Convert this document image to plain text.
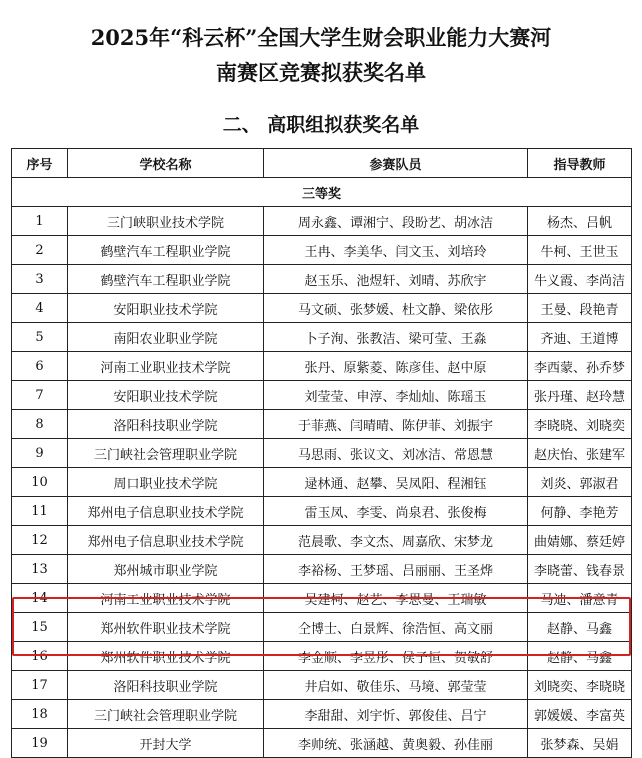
2025年“科云杯”全国大学生财会职业能力大赛河
南赛区竞赛拟获奖名单
二、 高职组拟获奖名单
序号	学校名称	参赛队员	指导教师
三等奖			
1	三门峡职业技术学院	周永鑫、谭湘宁、段盼艺、胡冰洁	杨杰、吕帆
2	鹤壁汽车工程职业学院	王冉、李美华、闫文玉、刘培玲	牛柯、王世玉
3	鹤壁汽车工程职业学院	赵玉乐、池煜轩、刘晴、苏欣宇	牛义霞、李尚洁
4	安阳职业技术学院	马文硕、张梦媛、杜文静、梁依彤	王曼、段艳青
5	南阳农业职业学院	卜子洵、张教洁、梁可莹、王淼	齐迪、王道博
6	河南工业职业技术学院	张丹、原紫菱、陈彦佳、赵中原	李西蒙、孙乔梦
7	安阳职业技术学院	刘莹莹、申淳、李灿灿、陈瑶玉	张丹瑾、赵玲慧
8	洛阳科技职业学院	于菲燕、闫晴晴、陈伊菲、刘振宇	李晓晓、刘晓奕
9	三门峡社会管理职业学院	马思雨、张议文、刘冰洁、常恩慧	赵庆怡、张建军
10	周口职业技术学院	逯林通、赵攀、吴凤阳、程湘钰	刘炎、郭淑君
11	郑州电子信息职业技术学院	雷玉凤、李雯、尚泉君、张俊梅	何静、李艳芳
12	郑州电子信息职业技术学院	范晨歌、李文杰、周嘉欣、宋梦龙	曲婧娜、蔡廷婷
13	郑州城市职业学院	李裕杨、王梦瑶、吕丽丽、王圣烨	李晓蕾、钱春景
14	河南工业职业技术学院	吴建柯、赵艺、李思曼、王瑞敏	马迪、潘意青
15	郑州软件职业技术学院	仝博士、白景辉、徐浩恒、高文丽	赵静、马鑫
16	郑州软件职业技术学院	李金顺、李昱彤、侯子恒、贺敏舒	赵静、马鑫
17	洛阳科技职业学院	井启如、敬佳乐、马境、郭莹莹	刘晓奕、李晓晓
18	三门峡社会管理职业学院	李甜甜、刘宇忻、郭俊佳、吕宁	郭媛媛、李富英
19	开封大学	李帅统、张涵越、黄奥毅、孙佳丽	张梦森、吴娟
